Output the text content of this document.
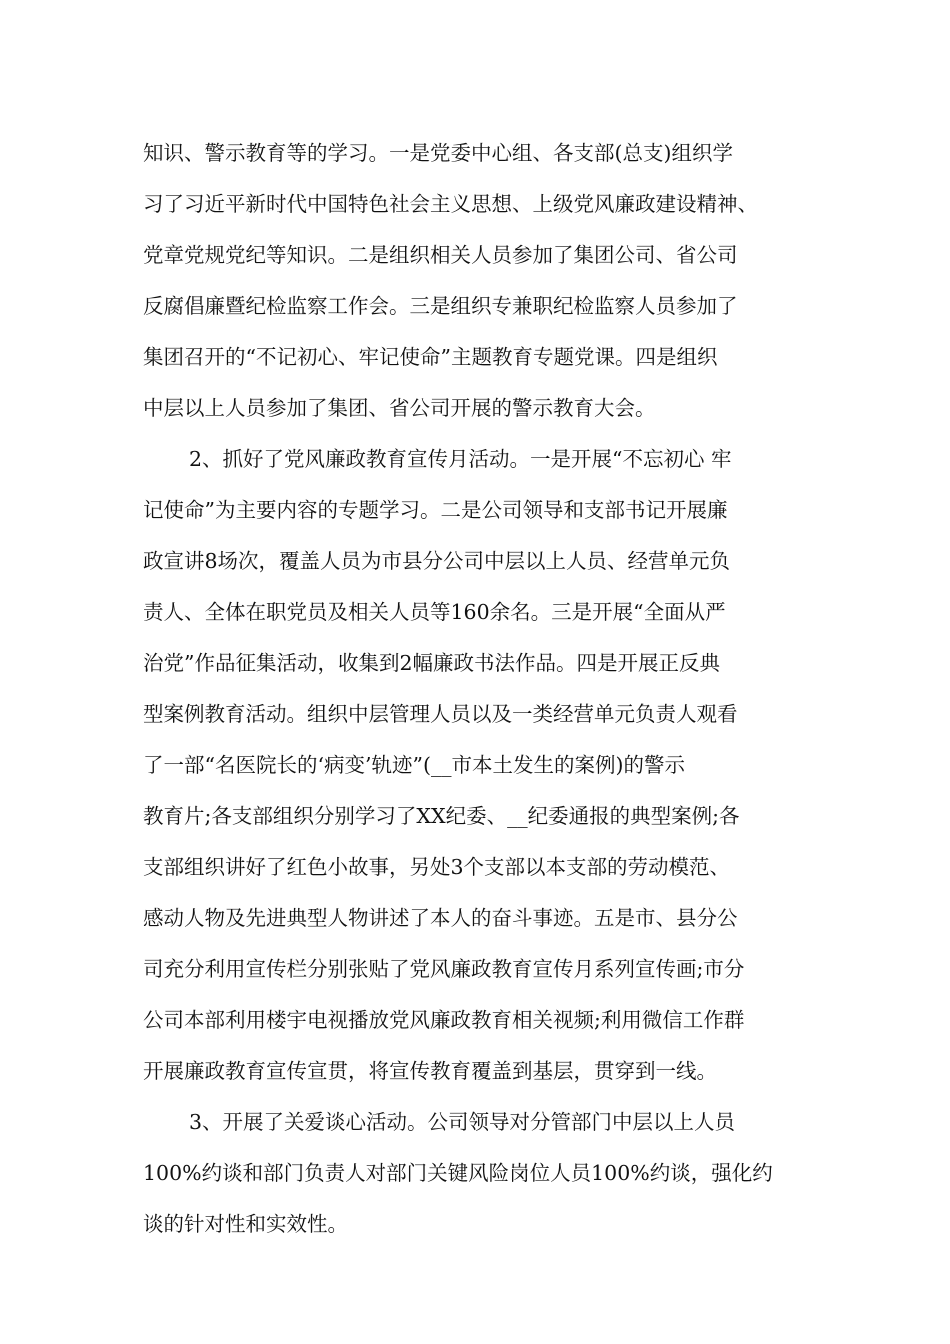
知识、警示教育等的学习。一是党委中心组、各支部(总支)组织学
习了习近平新时代中国特色社会主义思想、上级党风廉政建设精神、
党章党规党纪等知识。二是组织相关人员参加了集团公司、省公司
反腐倡廉暨纪检监察工作会。三是组织专兼职纪检监察人员参加了
集团召开的“不记初心、牢记使命”主题教育专题党课。四是组织
中层以上人员参加了集团、省公司开展的警示教育大会。
2、抓好了党风廉政教育宣传月活动。一是开展“不忘初心 牢
记使命”为主要内容的专题学习。二是公司领导和支部书记开展廉
政宣讲8场次，覆盖人员为市县分公司中层以上人员、经营单元负
责人、全体在职党员及相关人员等160余名。三是开展“全面从严
治党”作品征集活动，收集到2幅廉政书法作品。四是开展正反典
型案例教育活动。组织中层管理人员以及一类经营单元负责人观看
了一部“名医院长的‘病变’轨迹”(__市本土发生的案例)的警示
教育片;各支部组织分别学习了XX纪委、__纪委通报的典型案例;各
支部组织讲好了红色小故事，另处3个支部以本支部的劳动模范、
感动人物及先进典型人物讲述了本人的奋斗事迹。五是市、县分公
司充分利用宣传栏分别张贴了党风廉政教育宣传月系列宣传画;市分
公司本部利用楼宇电视播放党风廉政教育相关视频;利用微信工作群
开展廉政教育宣传宣贯，将宣传教育覆盖到基层，贯穿到一线。
3、开展了关爱谈心活动。公司领导对分管部门中层以上人员
100%约谈和部门负责人对部门关键风险岗位人员100%约谈，强化约
谈的针对性和实效性。
